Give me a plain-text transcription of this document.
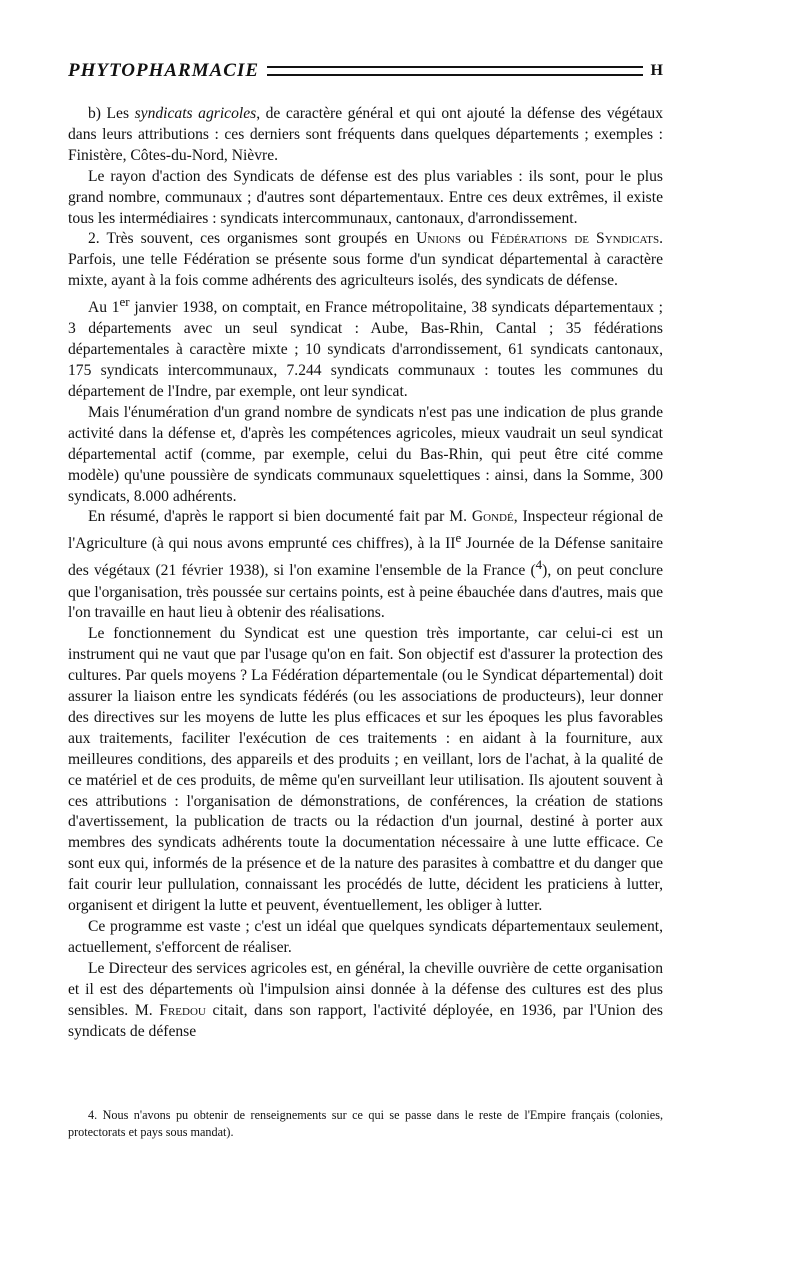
PHYTOPHARMACIE	H

b) Les syndicats agricoles, de caractère général et qui ont ajouté la défense des végétaux dans leurs attributions : ces derniers sont fréquents dans quelques départements ; exemples : Finistère, Côtes-du-Nord, Nièvre.

Le rayon d'action des Syndicats de défense est des plus variables : ils sont, pour le plus grand nombre, communaux ; d'autres sont départementaux. Entre ces deux extrêmes, il existe tous les intermédiaires : syndicats intercommunaux, cantonaux, d'arrondissement.

2. Très souvent, ces organismes sont groupés en Unions ou Fédérations de Syndicats. Parfois, une telle Fédération se présente sous forme d'un syndicat départemental à caractère mixte, ayant à la fois comme adhérents des agriculteurs isolés, des syndicats de défense.

Au 1er janvier 1938, on comptait, en France métropolitaine, 38 syndicats départementaux ; 3 départements avec un seul syndicat : Aube, Bas-Rhin, Cantal ; 35 fédérations départementales à caractère mixte ; 10 syndicats d'arrondissement, 61 syndicats cantonaux, 175 syndicats intercommunaux, 7.244 syndicats communaux : toutes les communes du département de l'Indre, par exemple, ont leur syndicat.

Mais l'énumération d'un grand nombre de syndicats n'est pas une indication de plus grande activité dans la défense et, d'après les compétences agricoles, mieux vaudrait un seul syndicat départemental actif (comme, par exemple, celui du Bas-Rhin, qui peut être cité comme modèle) qu'une poussière de syndicats communaux squelettiques : ainsi, dans la Somme, 300 syndicats, 8.000 adhérents.

En résumé, d'après le rapport si bien documenté fait par M. Gondé, Inspecteur régional de l'Agriculture (à qui nous avons emprunté ces chiffres), à la IIe Journée de la Défense sanitaire des végétaux (21 février 1938), si l'on examine l'ensemble de la France ($^4$), on peut conclure que l'organisation, très poussée sur certains points, est à peine ébauchée dans d'autres, mais que l'on travaille en haut lieu à obtenir des réalisations.

Le fonctionnement du Syndicat est une question très importante, car celui-ci est un instrument qui ne vaut que par l'usage qu'on en fait. Son objectif est d'assurer la protection des cultures. Par quels moyens ? La Fédération départementale (ou le Syndicat départemental) doit assurer la liaison entre les syndicats fédérés (ou les associations de producteurs), leur donner des directives sur les moyens de lutte les plus efficaces et sur les époques les plus favorables aux traitements, faciliter l'exécution de ces traitements : en aidant à la fourniture, aux meilleures conditions, des appareils et des produits ; en veillant, lors de l'achat, à la qualité de ce matériel et de ces produits, de même qu'en surveillant leur utilisation. Ils ajoutent souvent à ces attributions : l'organisation de démonstrations, de conférences, la création de stations d'avertissement, la publication de tracts ou la rédaction d'un journal, destiné à porter aux membres des syndicats adhérents toute la documentation nécessaire à une lutte efficace. Ce sont eux qui, informés de la présence et de la nature des parasites à combattre et du danger que fait courir leur pullulation, connaissant les procédés de lutte, décident les praticiens à lutter, organisent et dirigent la lutte et peuvent, éventuellement, les obliger à lutter.

Ce programme est vaste ; c'est un idéal que quelques syndicats départementaux seulement, actuellement, s'efforcent de réaliser.

Le Directeur des services agricoles est, en général, la cheville ouvrière de cette organisation et il est des départements où l'impulsion ainsi donnée à la défense des cultures est des plus sensibles. M. Fredou citait, dans son rapport, l'activité déployée, en 1936, par l'Union des syndicats de défense

4. Nous n'avons pu obtenir de renseignements sur ce qui se passe dans le reste de l'Empire français (colonies, protectorats et pays sous mandat).
